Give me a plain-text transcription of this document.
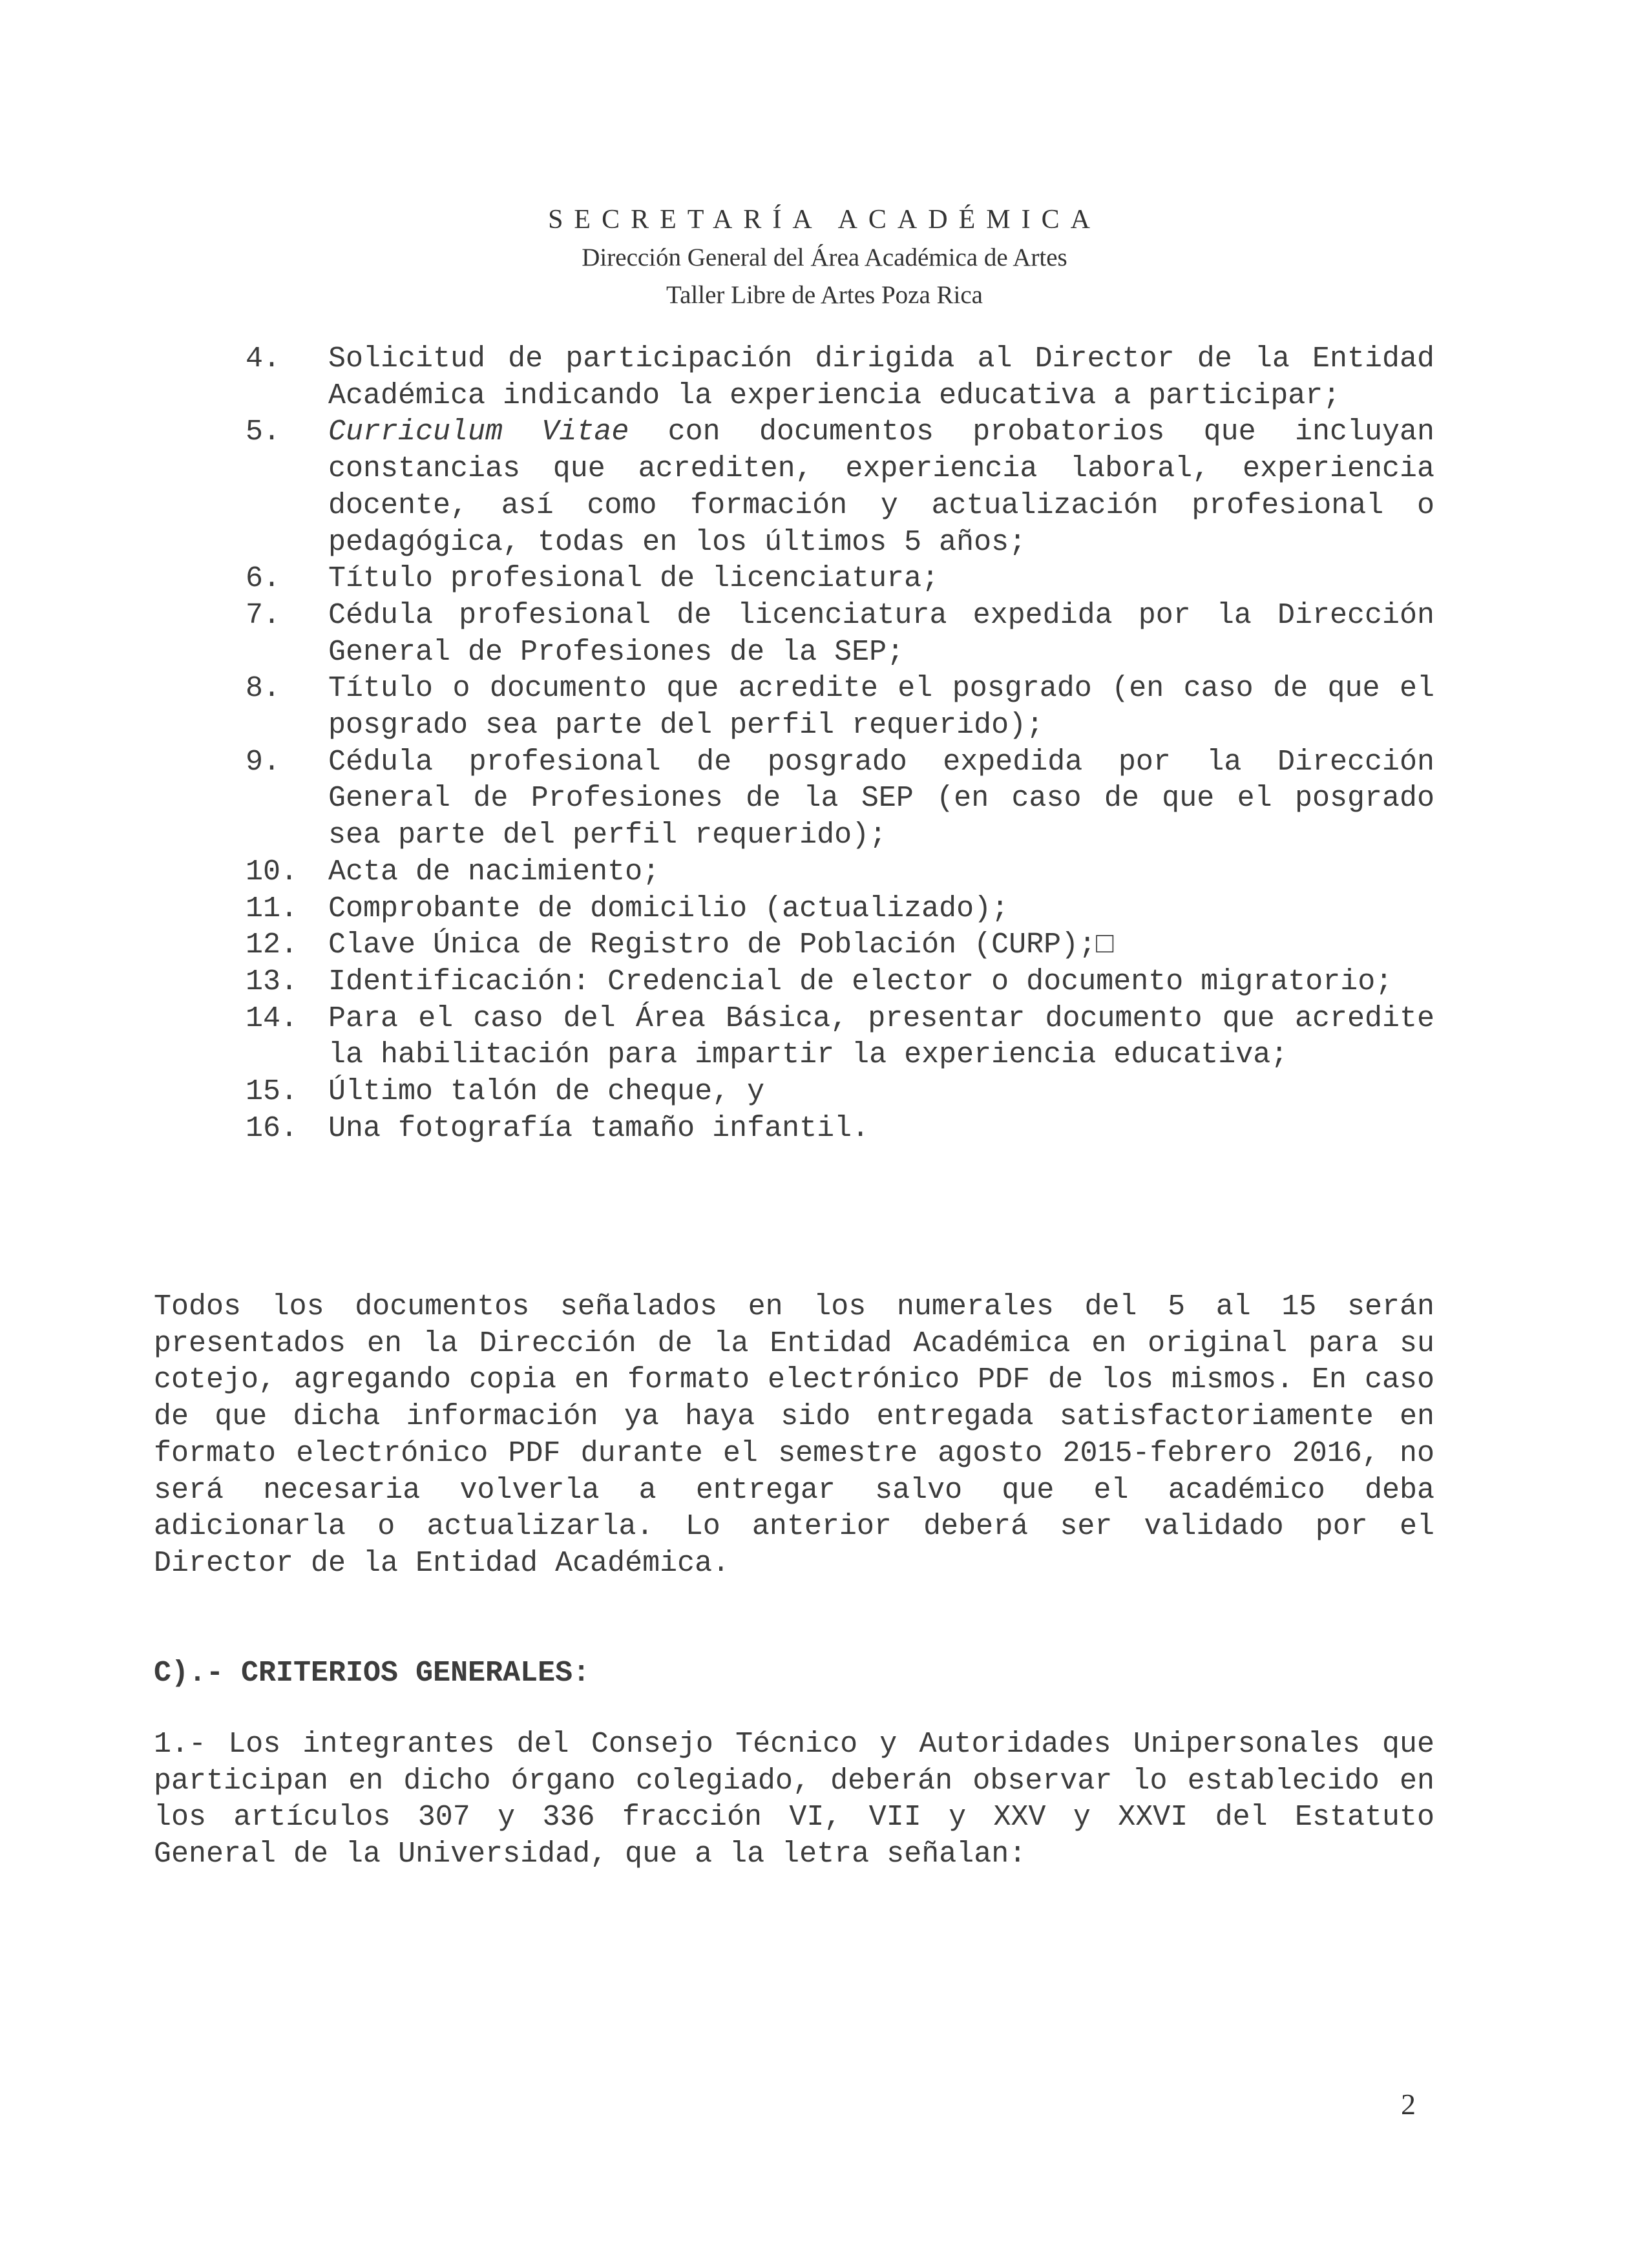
SECRETARÍA ACADÉMICA
Dirección General del Área Académica de Artes
Taller Libre de Artes Poza Rica
4. Solicitud de participación dirigida al Director de la Entidad Académica indicando la experiencia educativa a participar;
5. Curriculum Vitae con documentos probatorios que incluyan constancias que acrediten, experiencia laboral, experiencia docente, así como formación y actualización profesional o pedagógica, todas en los últimos 5 años;
6. Título profesional de licenciatura;
7. Cédula profesional de licenciatura expedida por la Dirección General de Profesiones de la SEP;
8. Título o documento que acredite el posgrado (en caso de que el posgrado sea parte del perfil requerido);
9. Cédula profesional de posgrado expedida por la Dirección General de Profesiones de la SEP (en caso de que el posgrado sea parte del perfil requerido);
10. Acta de nacimiento;
11. Comprobante de domicilio (actualizado);
12. Clave Única de Registro de Población (CURP);□
13. Identificación: Credencial de elector o documento migratorio;
14. Para el caso del Área Básica, presentar documento que acredite la habilitación para impartir la experiencia educativa;
15. Último talón de cheque, y
16. Una fotografía tamaño infantil.

Todos los documentos señalados en los numerales del 5 al 15 serán presentados en la Dirección de la Entidad Académica en original para su cotejo, agregando copia en formato electrónico PDF de los mismos. En caso de que dicha información ya haya sido entregada satisfactoriamente en formato electrónico PDF durante el semestre agosto 2015-febrero 2016, no será necesaria volverla a entregar salvo que el académico deba adicionarla o actualizarla. Lo anterior deberá ser validado por el Director de la Entidad Académica.

C).- CRITERIOS GENERALES:

1.- Los integrantes del Consejo Técnico y Autoridades Unipersonales que participan en dicho órgano colegiado, deberán observar lo establecido en los artículos 307 y 336 fracción VI, VII y XXV y XXVI del Estatuto General de la Universidad, que a la letra señalan:

2
